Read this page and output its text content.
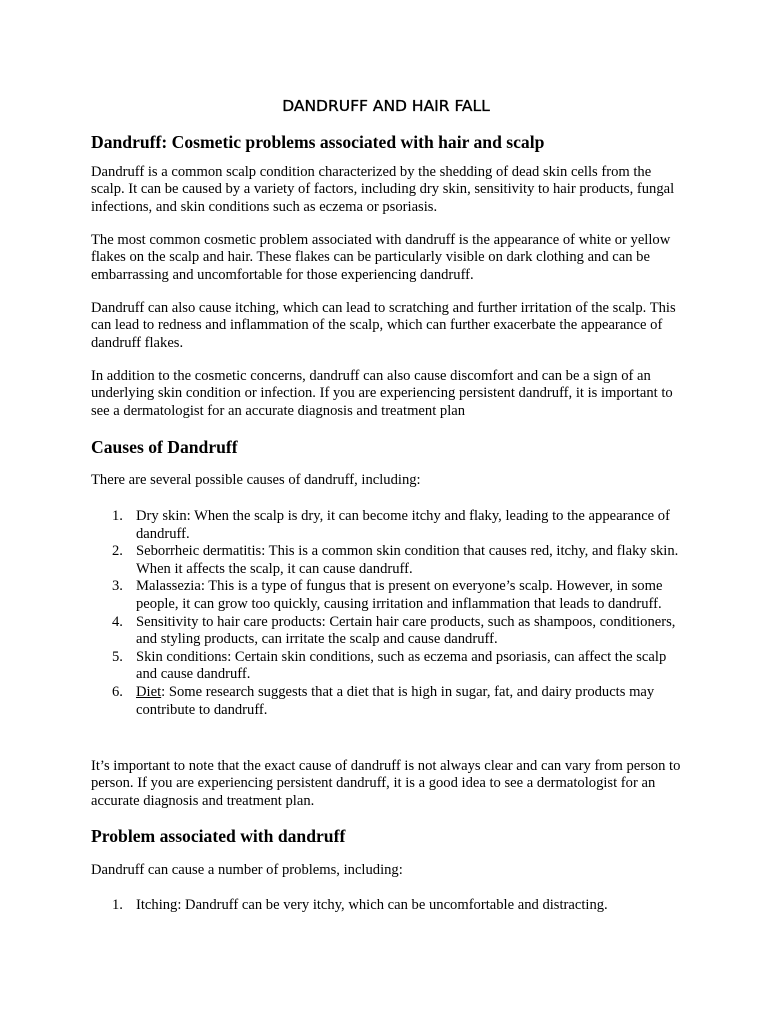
DANDRUFF AND HAIR FALL
Dandruff: Cosmetic problems associated with hair and scalp

Dandruff is a common scalp condition characterized by the shedding of dead skin cells from the scalp. It can be caused by a variety of factors, including dry skin, sensitivity to hair products, fungal infections, and skin conditions such as eczema or psoriasis.

The most common cosmetic problem associated with dandruff is the appearance of white or yellow flakes on the scalp and hair. These flakes can be particularly visible on dark clothing and can be embarrassing and uncomfortable for those experiencing dandruff.

Dandruff can also cause itching, which can lead to scratching and further irritation of the scalp. This can lead to redness and inflammation of the scalp, which can further exacerbate the appearance of dandruff flakes.

In addition to the cosmetic concerns, dandruff can also cause discomfort and can be a sign of an underlying skin condition or infection. If you are experiencing persistent dandruff, it is important to see a dermatologist for an accurate diagnosis and treatment plan

Causes of Dandruff

There are several possible causes of dandruff, including:

1. Dry skin: When the scalp is dry, it can become itchy and flaky, leading to the appearance of dandruff.
2. Seborrheic dermatitis: This is a common skin condition that causes red, itchy, and flaky skin. When it affects the scalp, it can cause dandruff.
3. Malassezia: This is a type of fungus that is present on everyone’s scalp. However, in some people, it can grow too quickly, causing irritation and inflammation that leads to dandruff.
4. Sensitivity to hair care products: Certain hair care products, such as shampoos, conditioners, and styling products, can irritate the scalp and cause dandruff.
5. Skin conditions: Certain skin conditions, such as eczema and psoriasis, can affect the scalp and cause dandruff.
6. Diet: Some research suggests that a diet that is high in sugar, fat, and dairy products may contribute to dandruff.

It’s important to note that the exact cause of dandruff is not always clear and can vary from person to person. If you are experiencing persistent dandruff, it is a good idea to see a dermatologist for an accurate diagnosis and treatment plan.

Problem associated with dandruff

Dandruff can cause a number of problems, including:

1. Itching: Dandruff can be very itchy, which can be uncomfortable and distracting.
